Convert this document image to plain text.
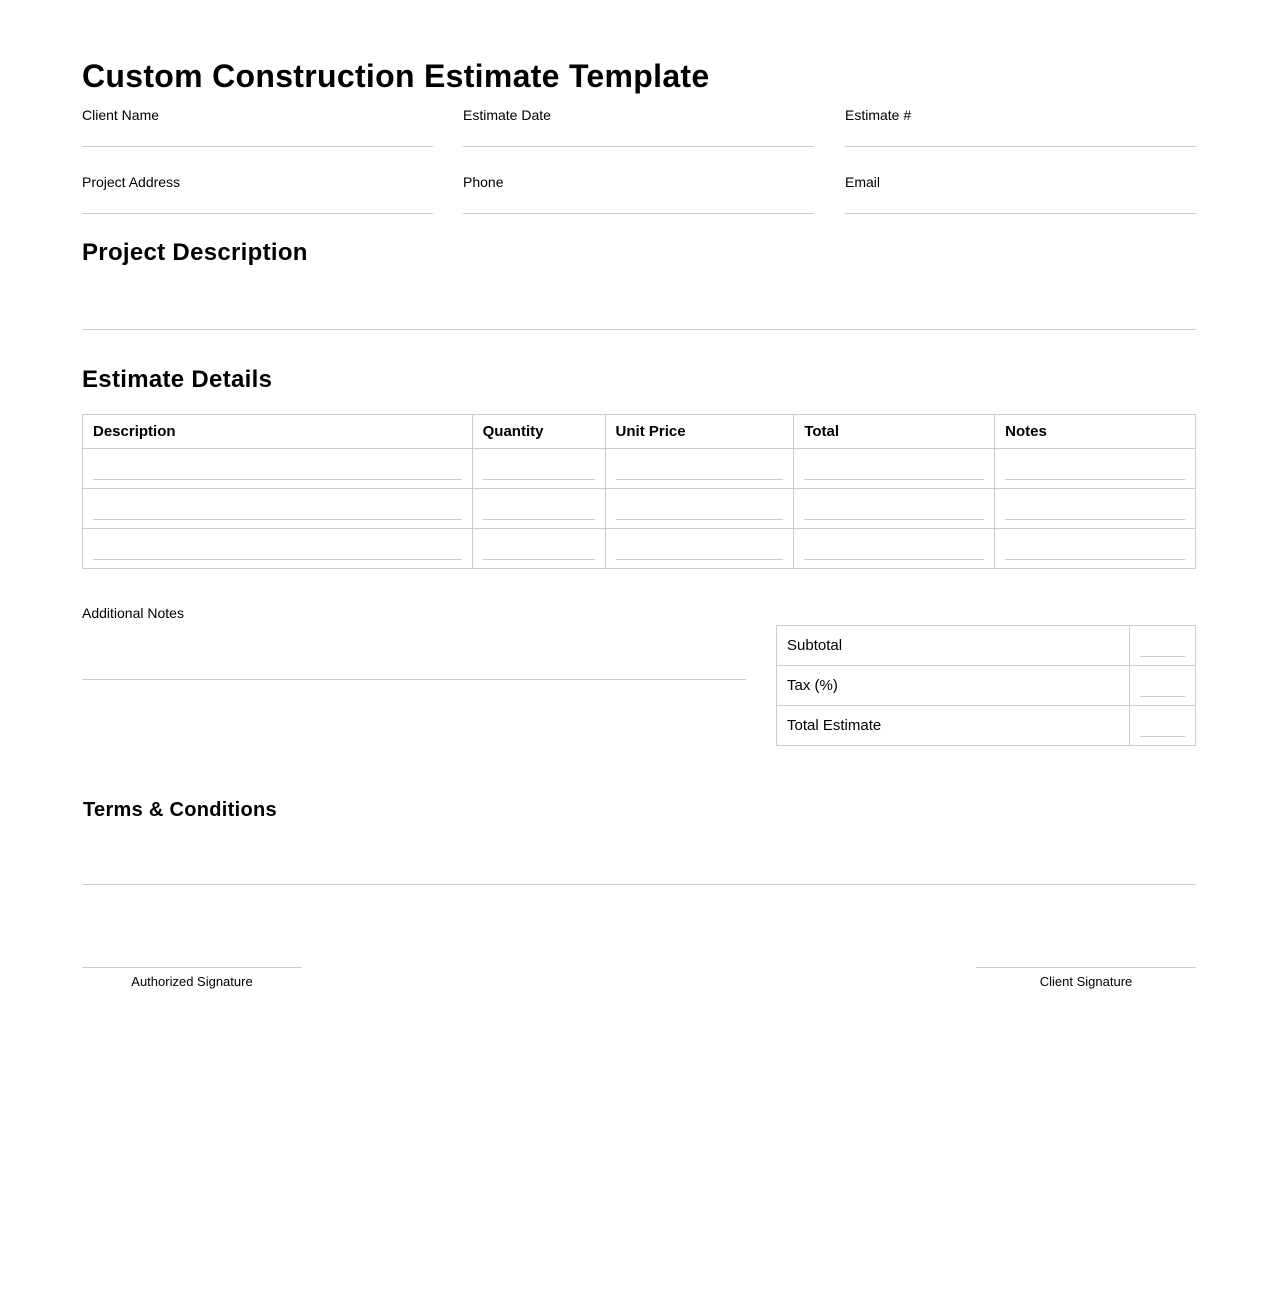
Custom Construction Estimate Template
Client Name	Estimate Date	Estimate #
Project Address	Phone	Email
Project Description
Estimate Details
Description	Quantity	Unit Price	Total	Notes

Additional Notes
Subtotal	

Tax (%)	

Total Estimate	
Terms & Conditions
Authorized Signature	Client Signature
